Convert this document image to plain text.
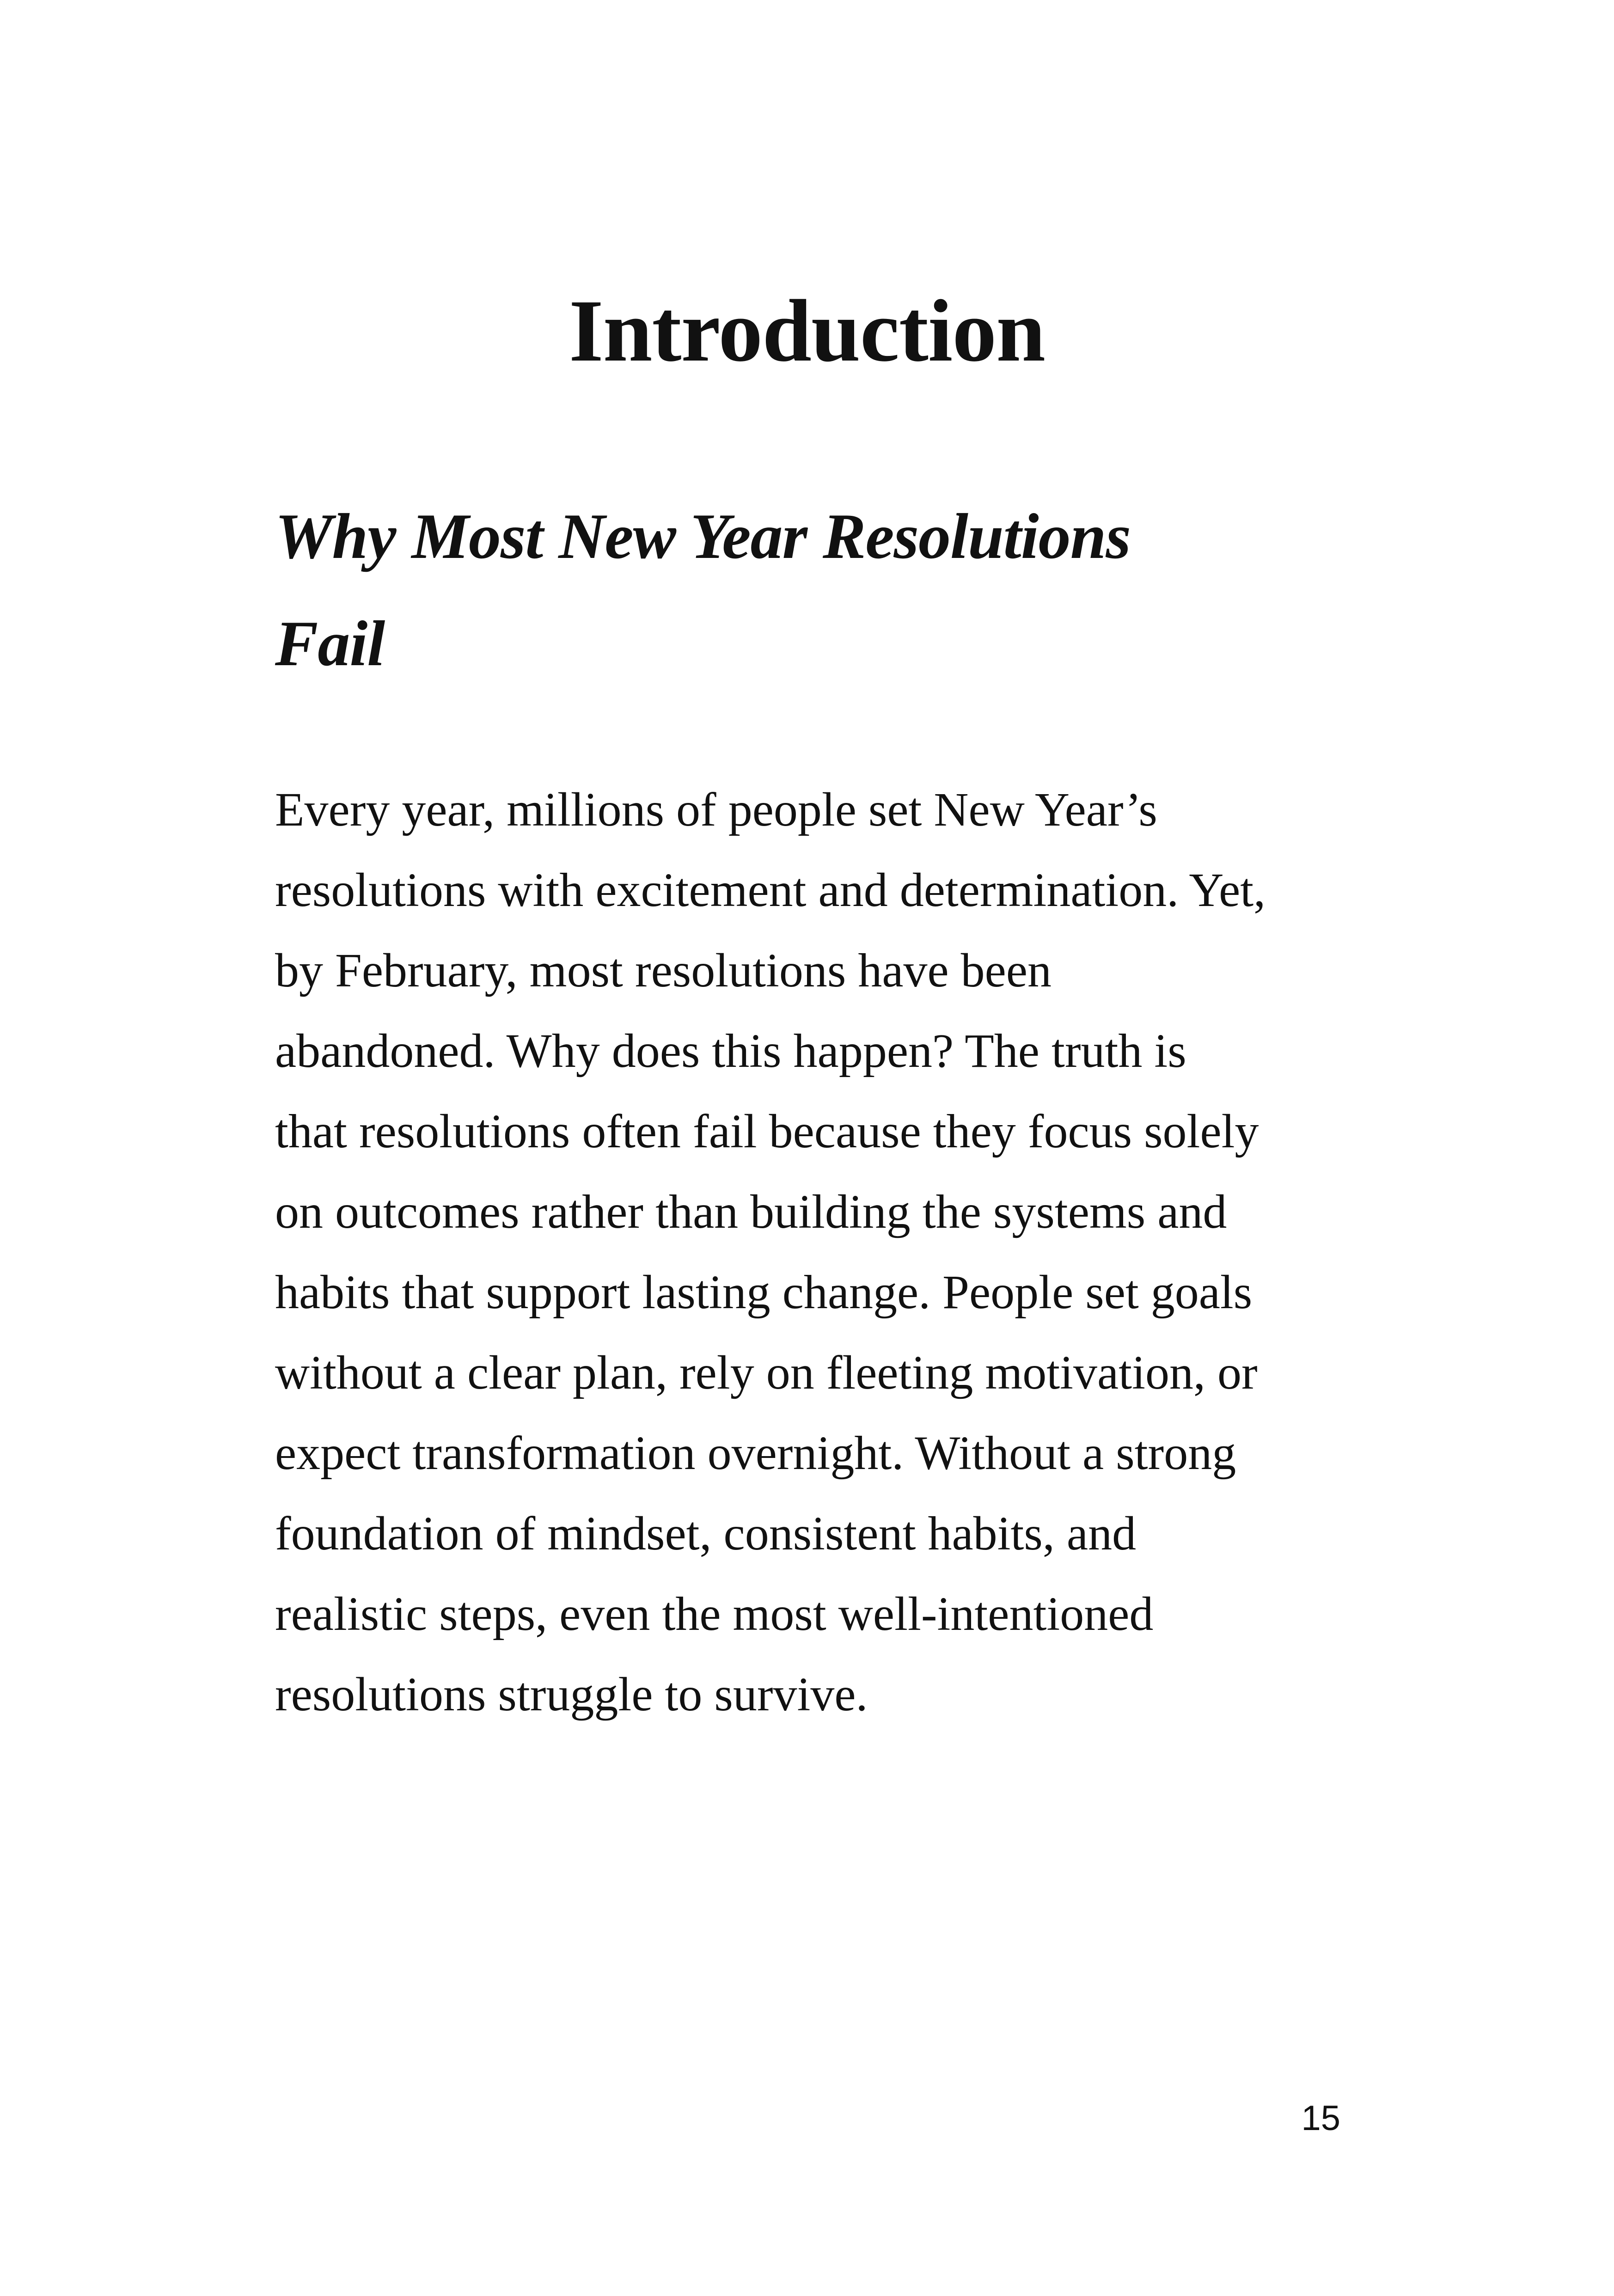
Introduction
Why Most New Year Resolutions
Fail
Every year, millions of people set New Year’s
resolutions with excitement and determination. Yet,
by February, most resolutions have been
abandoned. Why does this happen? The truth is
that resolutions often fail because they focus solely
on outcomes rather than building the systems and
habits that support lasting change. People set goals
without a clear plan, rely on fleeting motivation, or
expect transformation overnight. Without a strong
foundation of mindset, consistent habits, and
realistic steps, even the most well-intentioned
resolutions struggle to survive.
15
